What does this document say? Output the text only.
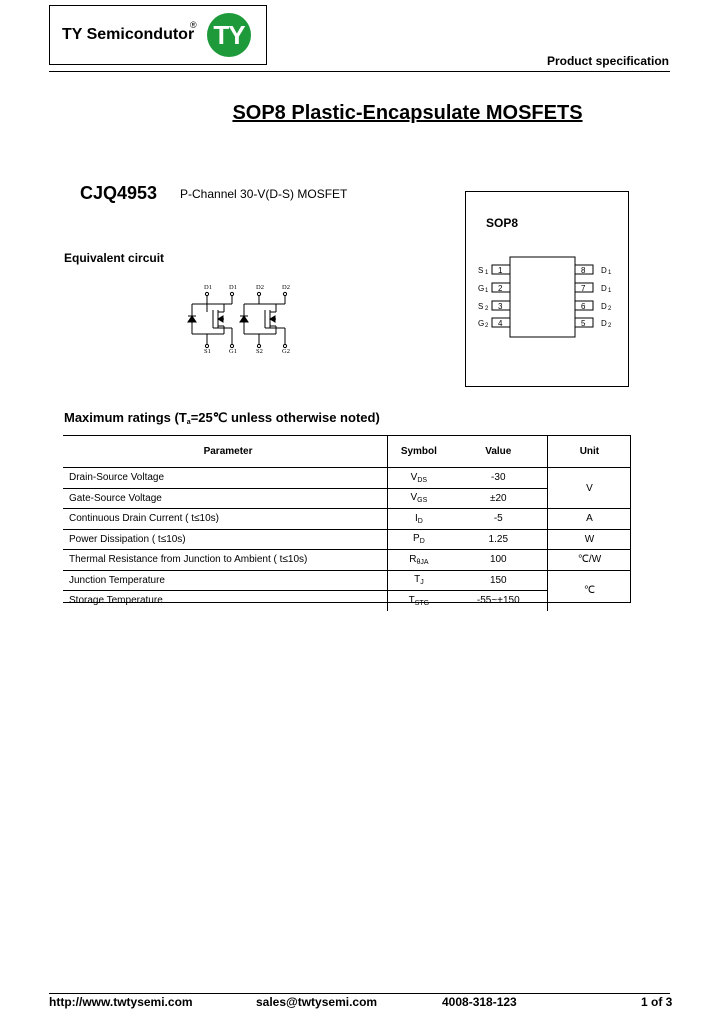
TY Semicondutor
® TY
Product specification
SOP8 Plastic-Encapsulate MOSFETS
CJQ4953 P-Channel 30-V(D-S) MOSFET
Equivalent circuit
D1	D1	D2	D2
S1	G1	S2	G2
SOP8
1
2
3
4
8
7
6
5
S 1
G 1
S 2
G 2
D 1
D 1
D 2
D 2
Maximum ratings ($T_a=25℃$ unless otherwise noted)
Parameter	Symbol	Value	Unit
Drain-Source Voltage	$V_{DS}$	-30	V
Gate-Source Voltage	$V_{GS}$	±20	
Continuous Drain Current ( t≤10s)	$I_D$	-5	A
Power Dissipation ( t≤10s)	$P_D$	1.25	W
Thermal Resistance from Junction to Ambient ( t≤10s)	$R_{\theta JA}$	100	℃/W
Junction Temperature	$T_J$	150	℃
Storage Temperature	$T_{STG}$	-55~+150	
http://www.twtysemi.com	sales@twtysemi.com	4008-318-123	1 of 3
